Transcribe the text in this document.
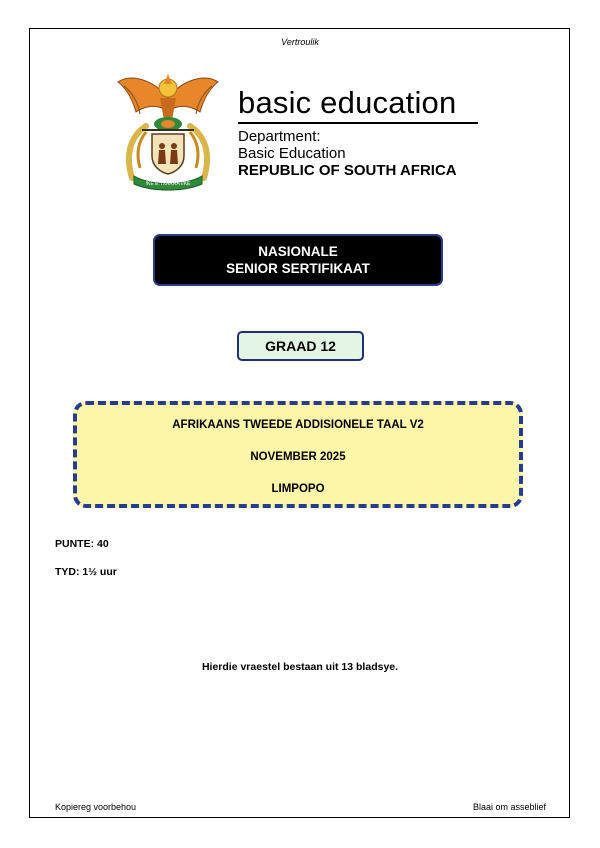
Vertroulik
!KE E: /XARRA //KE
basic education
Department:
Basic Education
REPUBLIC OF SOUTH AFRICA
NASIONALE
SENIOR SERTIFIKAAT
GRAAD 12
AFRIKAANS TWEEDE ADDISIONELE TAAL V2
NOVEMBER 2025
LIMPOPO
PUNTE: 40
TYD: 1½ uur
Hierdie vraestel bestaan uit 13 bladsye.
Kopiereg voorbehou	Blaai om asseblief
